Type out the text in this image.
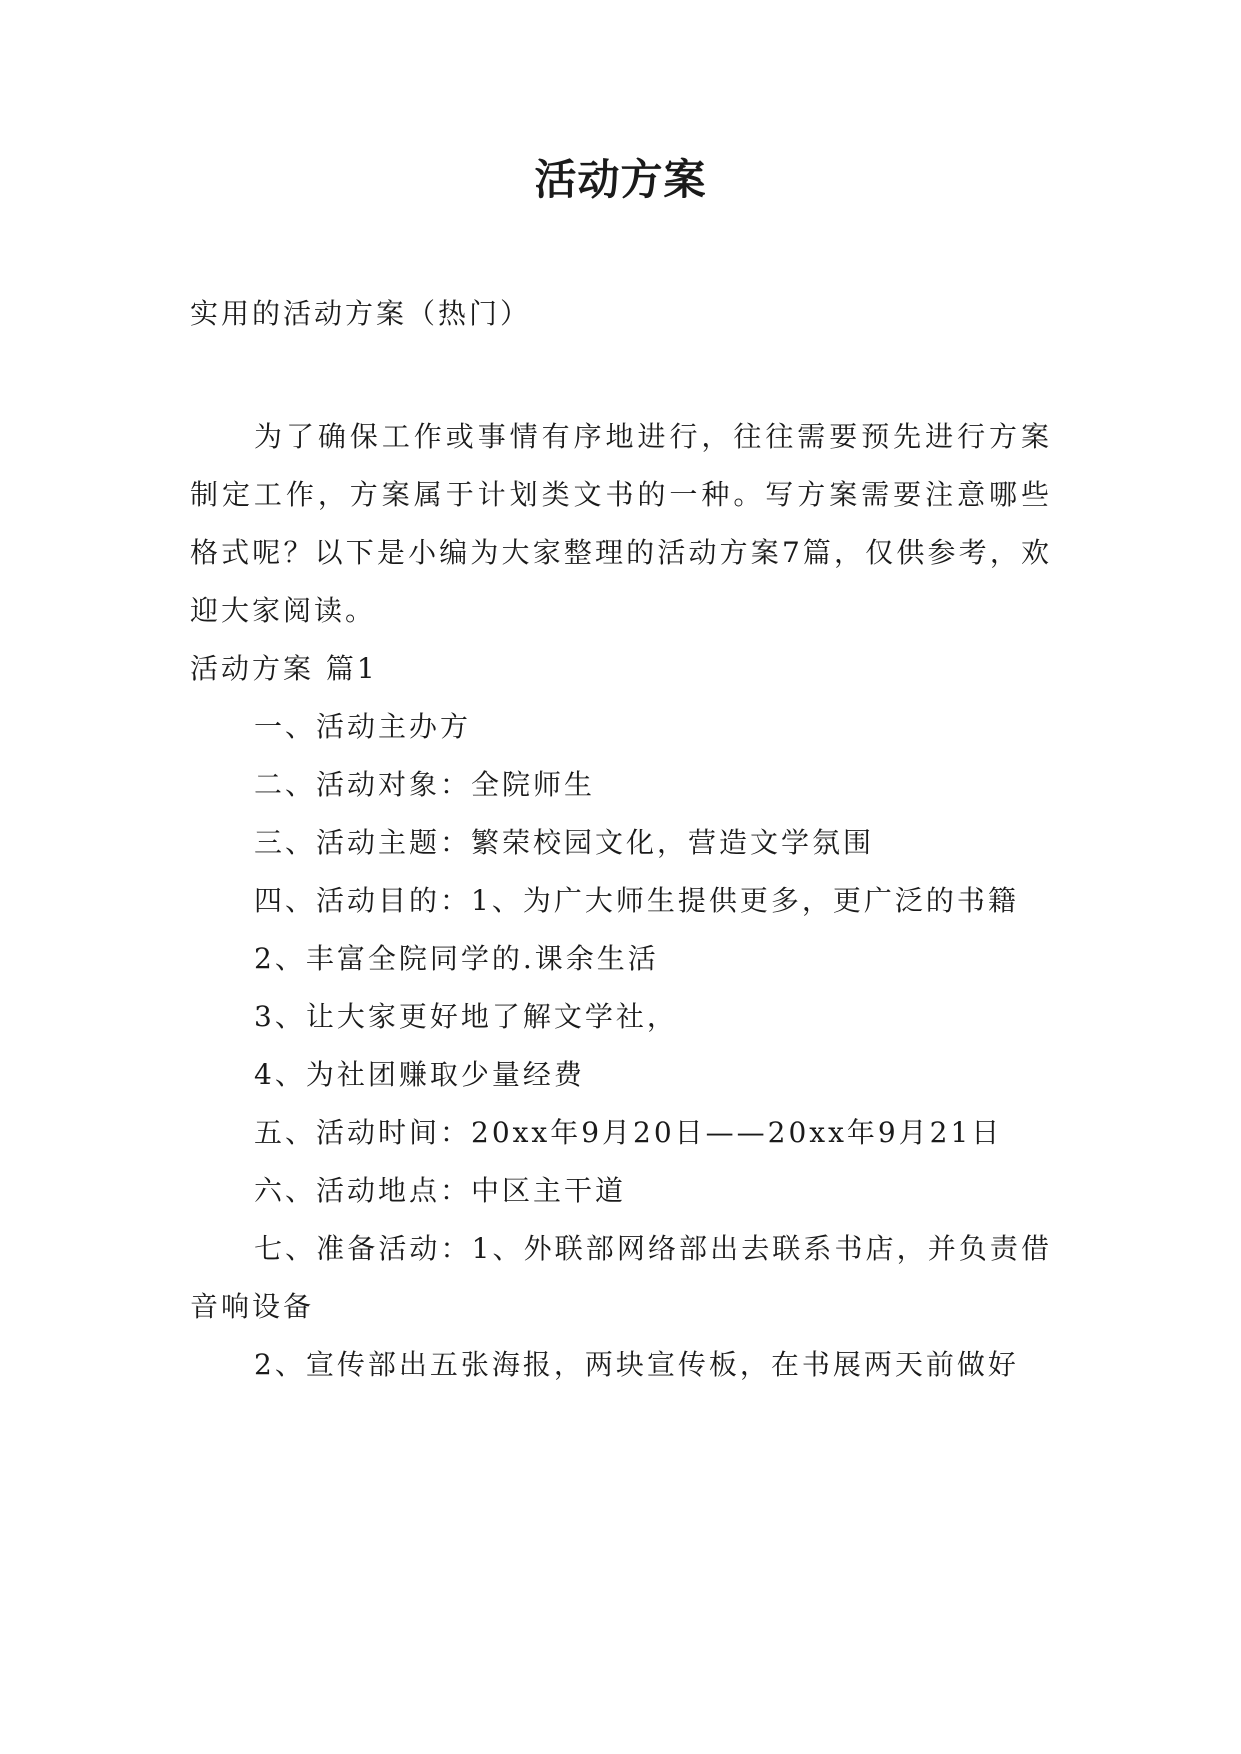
活动方案

实用的活动方案（热门）

为了确保工作或事情有序地进行，往往需要预先进行方案制定工作，方案属于计划类文书的一种。写方案需要注意哪些格式呢？以下是小编为大家整理的活动方案7篇，仅供参考，欢迎大家阅读。

活动方案 篇1

一、活动主办方

二、活动对象：全院师生

三、活动主题：繁荣校园文化，营造文学氛围

四、活动目的：1、为广大师生提供更多，更广泛的书籍

2、丰富全院同学的.课余生活

3、让大家更好地了解文学社，

4、为社团赚取少量经费

五、活动时间：20xx年9月20日——20xx年9月21日

六、活动地点：中区主干道

七、准备活动：1、外联部网络部出去联系书店，并负责借音响设备

2、宣传部出五张海报，两块宣传板，在书展两天前做好
